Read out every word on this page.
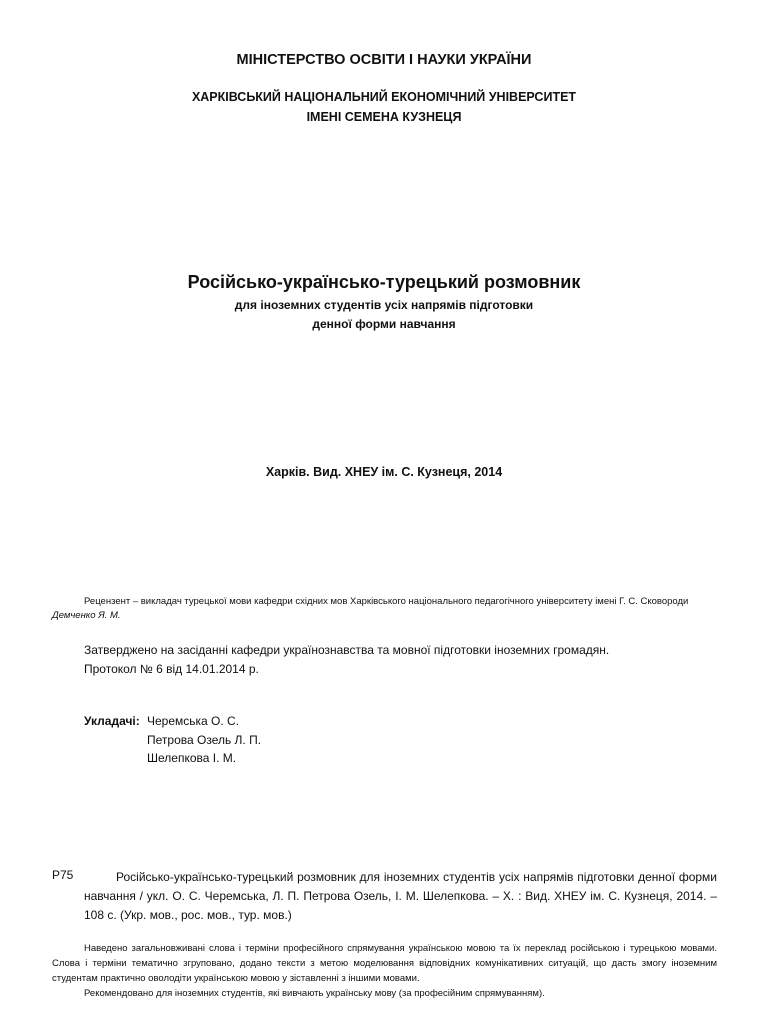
МІНІСТЕРСТВО ОСВІТИ І НАУКИ УКРАЇНИ
ХАРКІВСЬКИЙ НАЦІОНАЛЬНИЙ ЕКОНОМІЧНИЙ УНІВЕРСИТЕТ
ІМЕНІ СЕМЕНА КУЗНЕЦЯ
Російсько-українсько-турецький розмовник
для іноземних студентів усіх напрямів підготовки
денної форми навчання
Харків. Вид. ХНЕУ ім. С. Кузнеця, 2014
Рецензент – викладач турецької мови кафедри східних мов Харківського національного педагогічного університету імені Г. С. Сковороди Демченко Я. М.
Затверджено на засіданні кафедри українознавства та мовної підготовки іноземних громадян.
Протокол № 6 від 14.01.2014 р.
Укладачі: Черемська О. С.
Петрова Озель Л. П.
Шелепкова І. М.
Р75	Російсько-українсько-турецький розмовник для іноземних студентів усіх напрямів підготовки денної форми навчання / укл. О. С. Черемська, Л. П. Петрова Озель, І. М. Шелепкова. – Х. : Вид. ХНЕУ ім. С. Кузнеця, 2014. – 108 с. (Укр. мов., рос. мов., тур. мов.)

Наведено загальновживані слова і терміни професійного спрямування українською мовою та їх переклад російською і турецькою мовами. Слова і терміни тематично згруповано, додано тексти з метою моделювання відповідних комунікативних ситуацій, що дасть змогу іноземним студентам практично оволодіти українською мовою у зіставленні з іншими мовами.

Рекомендовано для іноземних студентів, які вивчають українську мову (за професійним спрямуванням).
